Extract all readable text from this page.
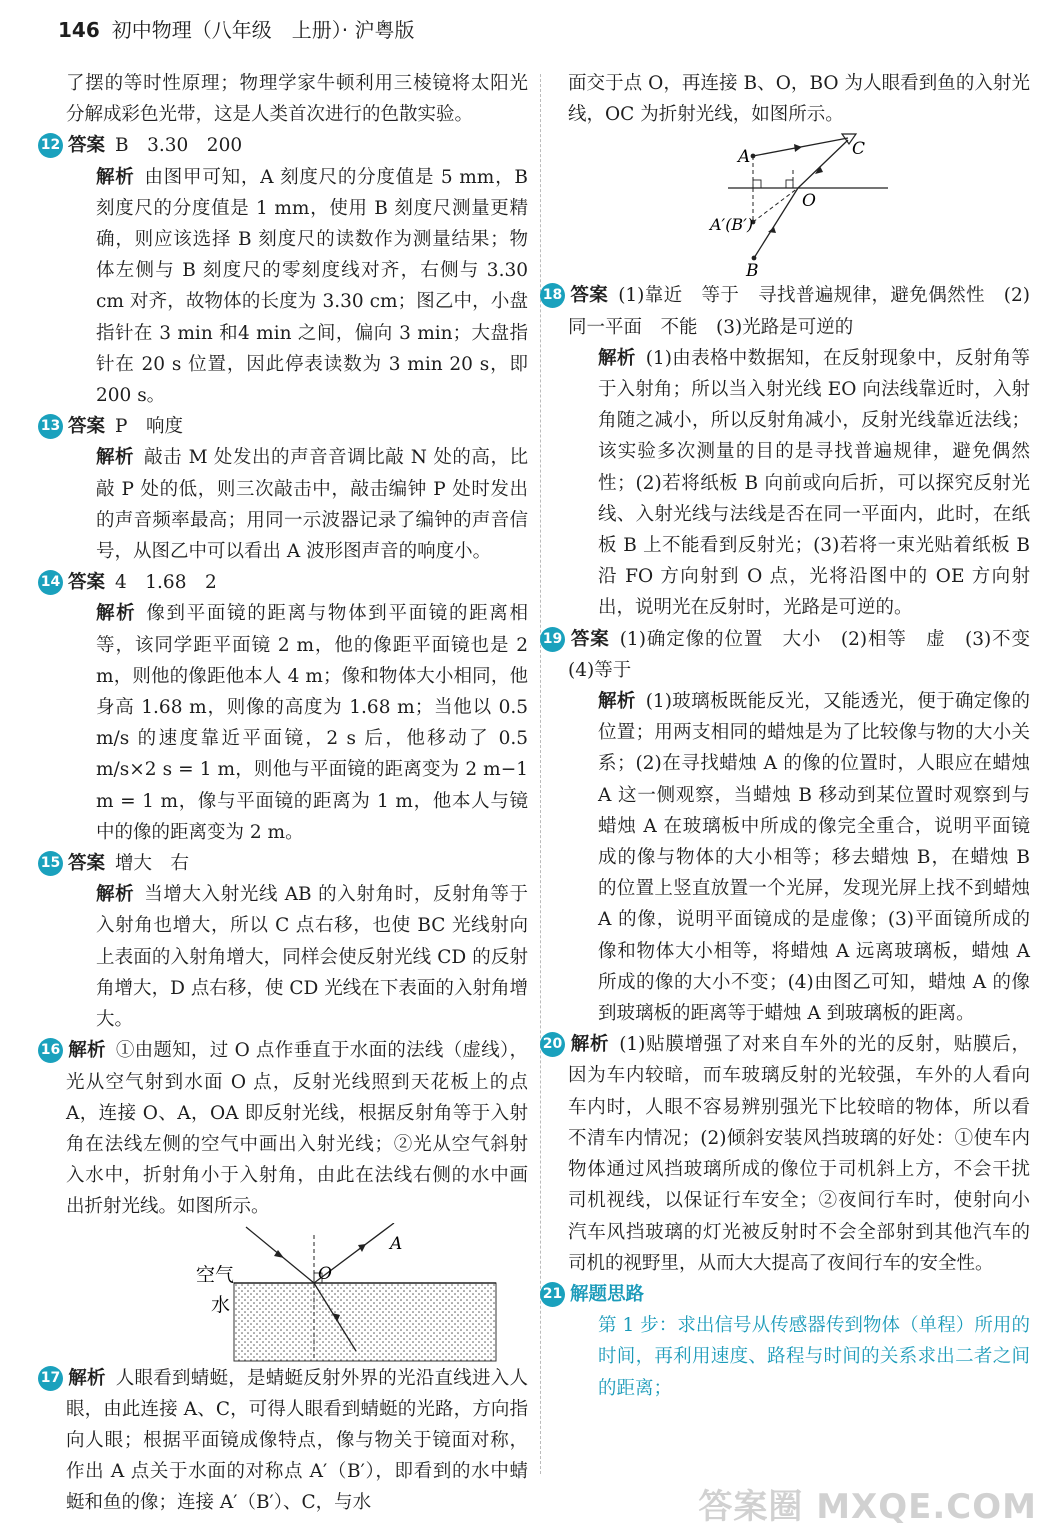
146 初中物理（八年级　上册）· 沪粤版

了摆的等时性原理；物理学家牛顿利用三棱镜将太阳光分解成彩色光带，这是人类首次进行的色散实验。

12 答案 B　3.30　200

解析 由图甲可知，A 刻度尺的分度值是 5 mm，B 刻度尺的分度值是 1 mm，使用 B 刻度尺测量更精确，则应该选择 B 刻度尺的读数作为测量结果；物体左侧与 B 刻度尺的零刻度线对齐，右侧与 3.30 cm 对齐，故物体的长度为 3.30 cm；图乙中，小盘指针在 3 min 和4 min 之间，偏向 3 min；大盘指针在 20 s 位置，因此停表读数为 3 min 20 s，即 200 s。

13 答案 P　响度

解析 敲击 M 处发出的声音音调比敲 N 处的高，比敲 P 处的低，则三次敲击中，敲击编钟 P 处时发出的声音频率最高；用同一示波器记录了编钟的声音信号，从图乙中可以看出 A 波形图声音的响度小。

14 答案 4　1.68　2

解析 像到平面镜的距离与物体到平面镜的距离相等，该同学距平面镜 2 m，他的像距平面镜也是 2 m，则他的像距他本人 4 m；像和物体大小相同，他身高 1.68 m，则像的高度为 1.68 m；当他以 0.5 m/s 的速度靠近平面镜，2 s 后，他移动了 0.5 m/s×2 s = 1 m，则他与平面镜的距离变为 2 m−1 m = 1 m，像与平面镜的距离为 1 m，他本人与镜中的像的距离变为 2 m。

15 答案 增大　右

解析 当增大入射光线 AB 的入射角时，反射角等于入射角也增大，所以 C 点右移，也使 BC 光线射向上表面的入射角增大，同样会使反射光线 CD 的反射角增大，D 点右移，使 CD 光线在下表面的入射角增大。

16 解析 ①由题知，过 O 点作垂直于水面的法线（虚线），光从空气射到水面 O 点，反射光线照到天花板上的点 A，连接 O、A，OA 即反射光线，根据反射角等于入射角在法线左侧的空气中画出入射光线；②光从空气斜射入水中，折射角小于入射角，由此在法线右侧的水中画出折射光线。如图所示。

空气
水
O
A

17 解析 人眼看到蜻蜓，是蜻蜓反射外界的光沿直线进入人眼，由此连接 A、C，可得人眼看到蜻蜓的光路，方向指向人眼；根据平面镜成像特点，像与物关于镜面对称，作出 A 点关于水面的对称点 A′（B′），即看到的水中蜻蜓和鱼的像；连接 A′（B′）、C，与水

面交于点 O，再连接 B、O，BO 为人眼看到鱼的入射光线，OC 为折射光线，如图所示。

A	C
O
A′(B′)
B

18 答案 (1)靠近　等于　寻找普遍规律，避免偶然性　(2)同一平面　不能　(3)光路是可逆的

解析 (1)由表格中数据知，在反射现象中，反射角等于入射角；所以当入射光线 EO 向法线靠近时，入射角随之减小，所以反射角减小，反射光线靠近法线；该实验多次测量的目的是寻找普遍规律，避免偶然性；(2)若将纸板 B 向前或向后折，可以探究反射光线、入射光线与法线是否在同一平面内，此时，在纸板 B 上不能看到反射光；(3)若将一束光贴着纸板 B 沿 FO 方向射到 O 点，光将沿图中的 OE 方向射出，说明光在反射时，光路是可逆的。

19 答案 (1)确定像的位置　大小　(2)相等　虚　(3)不变　(4)等于

解析 (1)玻璃板既能反光，又能透光，便于确定像的位置；用两支相同的蜡烛是为了比较像与物的大小关系；(2)在寻找蜡烛 A 的像的位置时，人眼应在蜡烛 A 这一侧观察，当蜡烛 B 移动到某位置时观察到与蜡烛 A 在玻璃板中所成的像完全重合，说明平面镜成的像与物体的大小相等；移去蜡烛 B，在蜡烛 B 的位置上竖直放置一个光屏，发现光屏上找不到蜡烛 A 的像，说明平面镜成的是虚像；(3)平面镜所成的像和物体大小相等，将蜡烛 A 远离玻璃板，蜡烛 A 所成的像的大小不变；(4)由图乙可知，蜡烛 A 的像到玻璃板的距离等于蜡烛 A 到玻璃板的距离。

20 解析 (1)贴膜增强了对来自车外的光的反射，贴膜后，因为车内较暗，而车玻璃反射的光较强，车外的人看向车内时，人眼不容易辨别强光下比较暗的物体，所以看不清车内情况；(2)倾斜安装风挡玻璃的好处：①使车内物体通过风挡玻璃所成的像位于司机斜上方，不会干扰司机视线，以保证行车安全；②夜间行车时，使射向小汽车风挡玻璃的灯光被反射时不会全部射到其他汽车的司机的视野里，从而大大提高了夜间行车的安全性。

21 解题思路

第 1 步：求出信号从传感器传到物体（单程）所用的时间，再利用速度、路程与时间的关系求出二者之间的距离；

答案圈 MXQE.COM
